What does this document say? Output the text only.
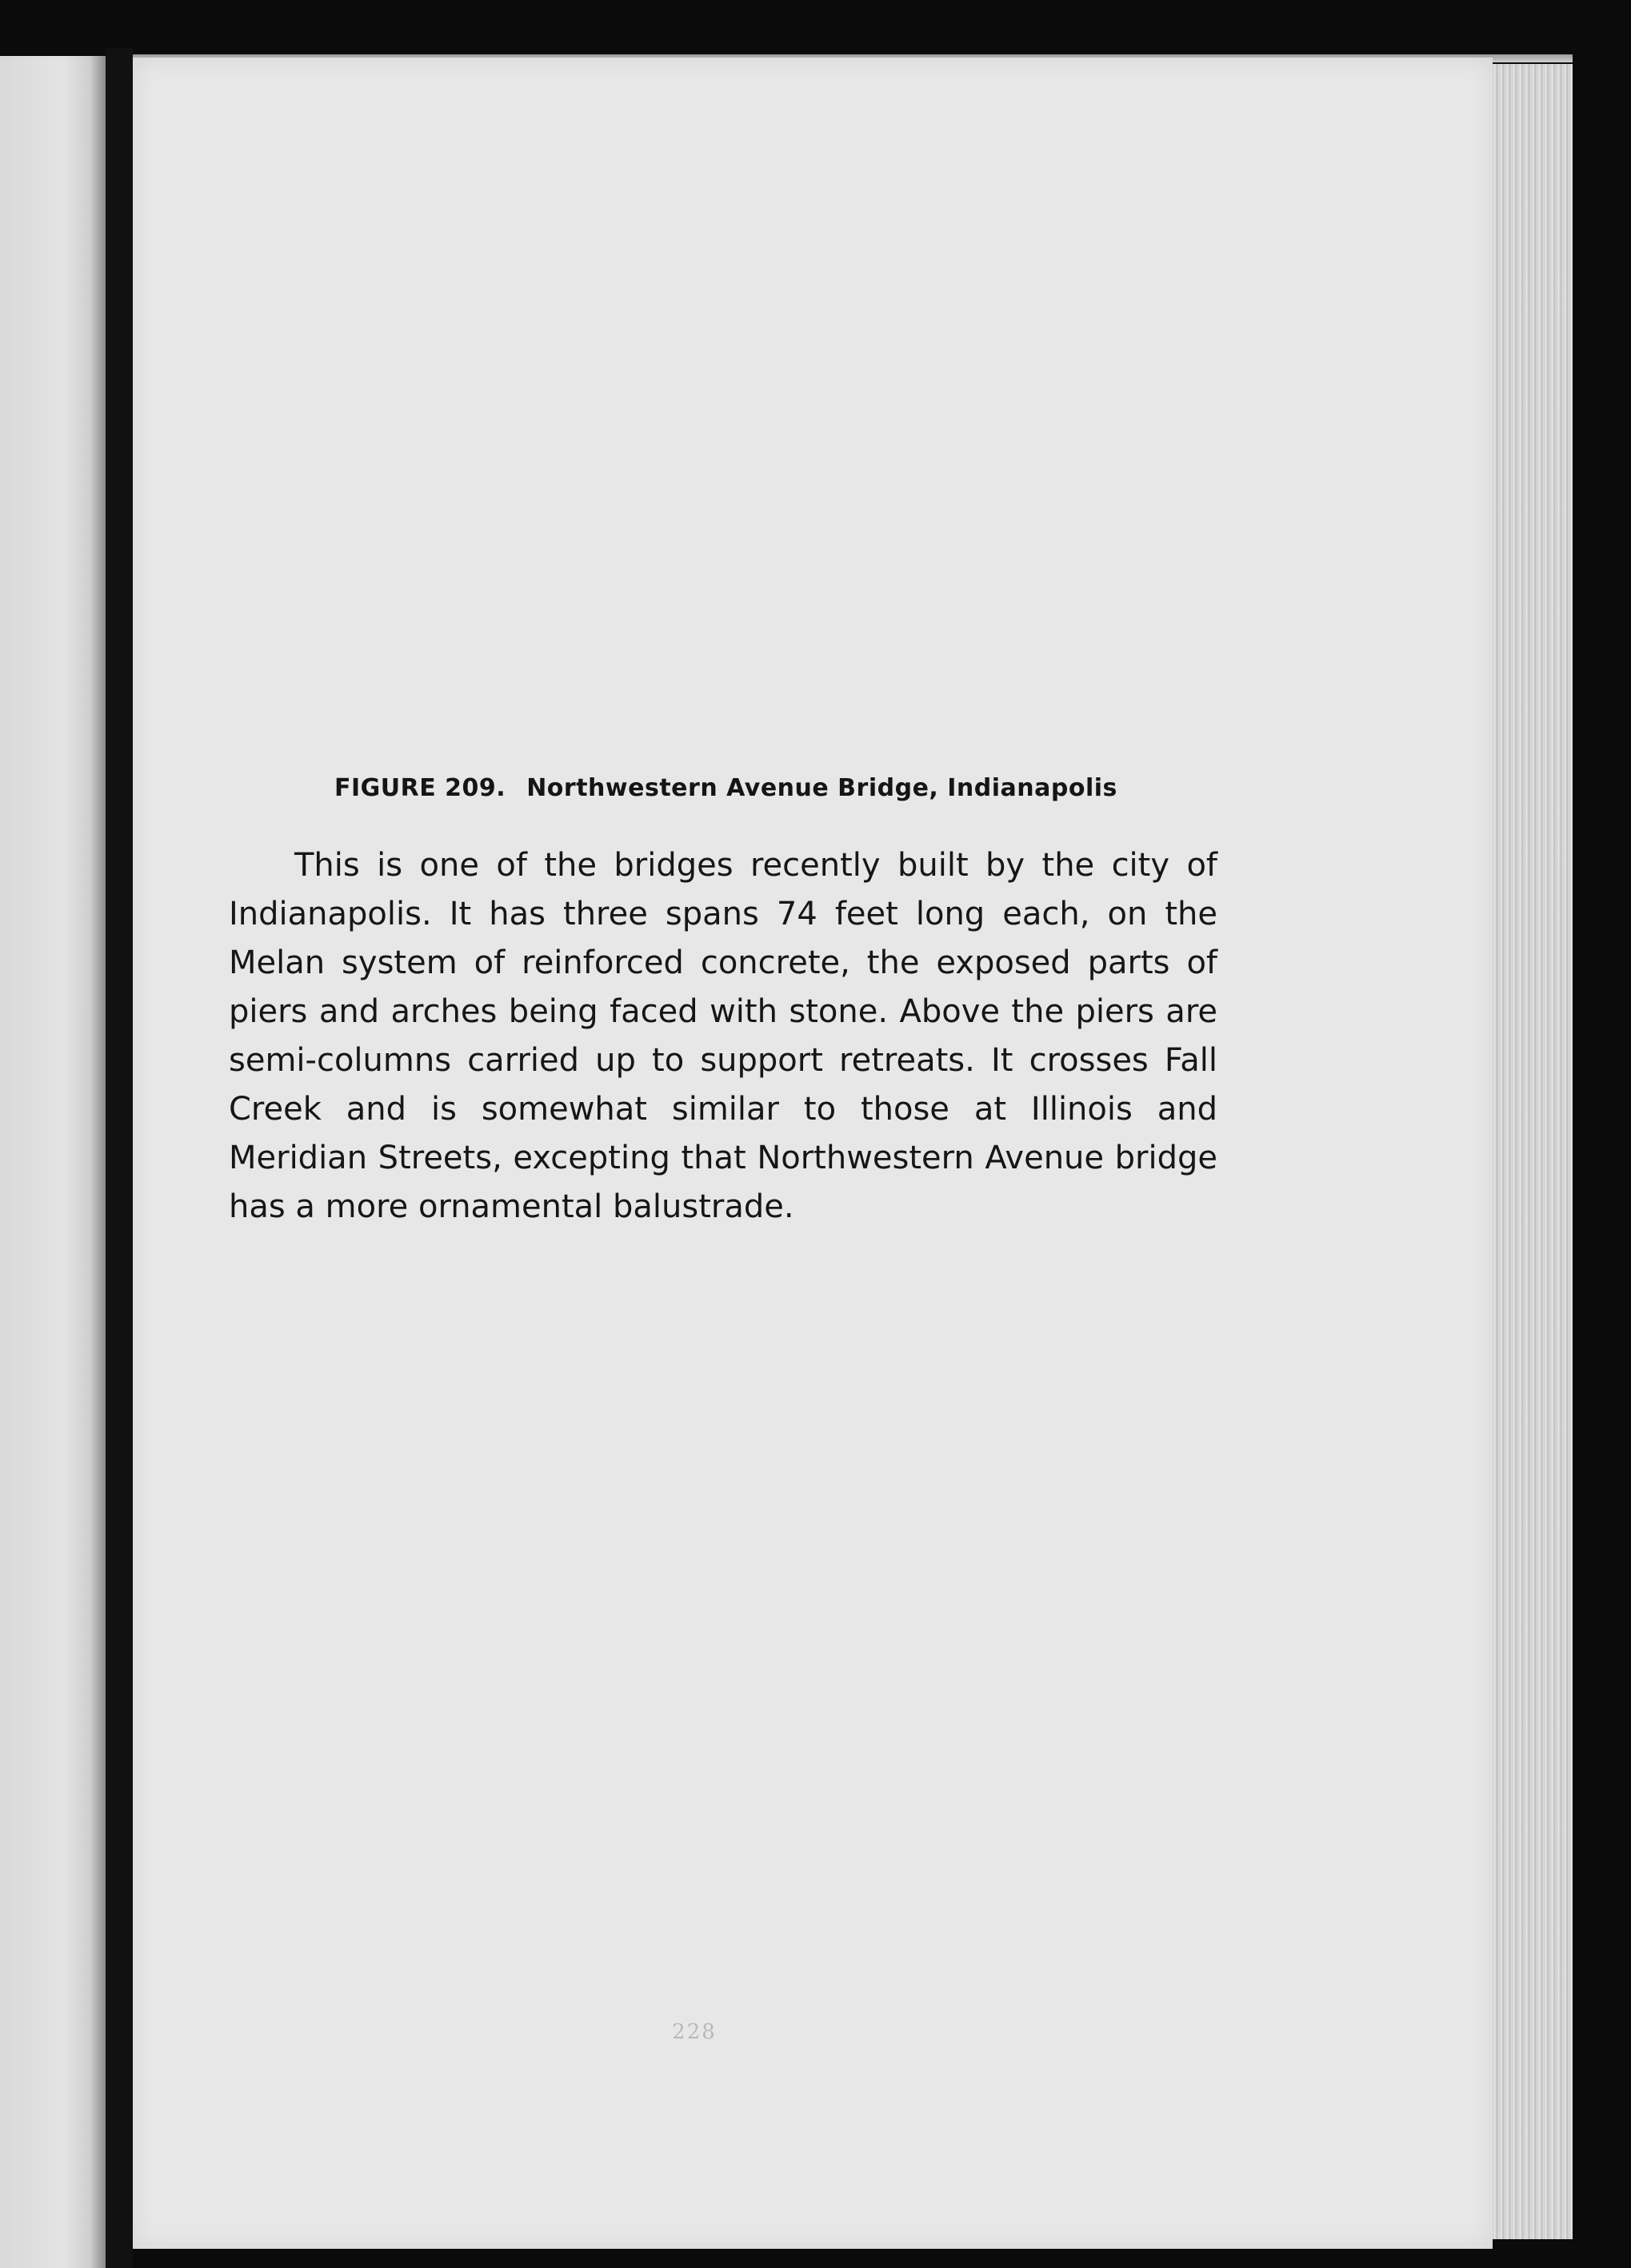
FIGURE 209. Northwestern Avenue Bridge, Indianapolis

This is one of the bridges recently built by the city of Indianapolis. It has three spans 74 feet long each, on the Melan system of reinforced concrete, the exposed parts of piers and arches being faced with stone. Above the piers are semi-columns carried up to support retreats. It crosses Fall Creek and is somewhat similar to those at Illinois and Meridian Streets, excepting that Northwestern Avenue bridge has a more ornamental balustrade.

228
